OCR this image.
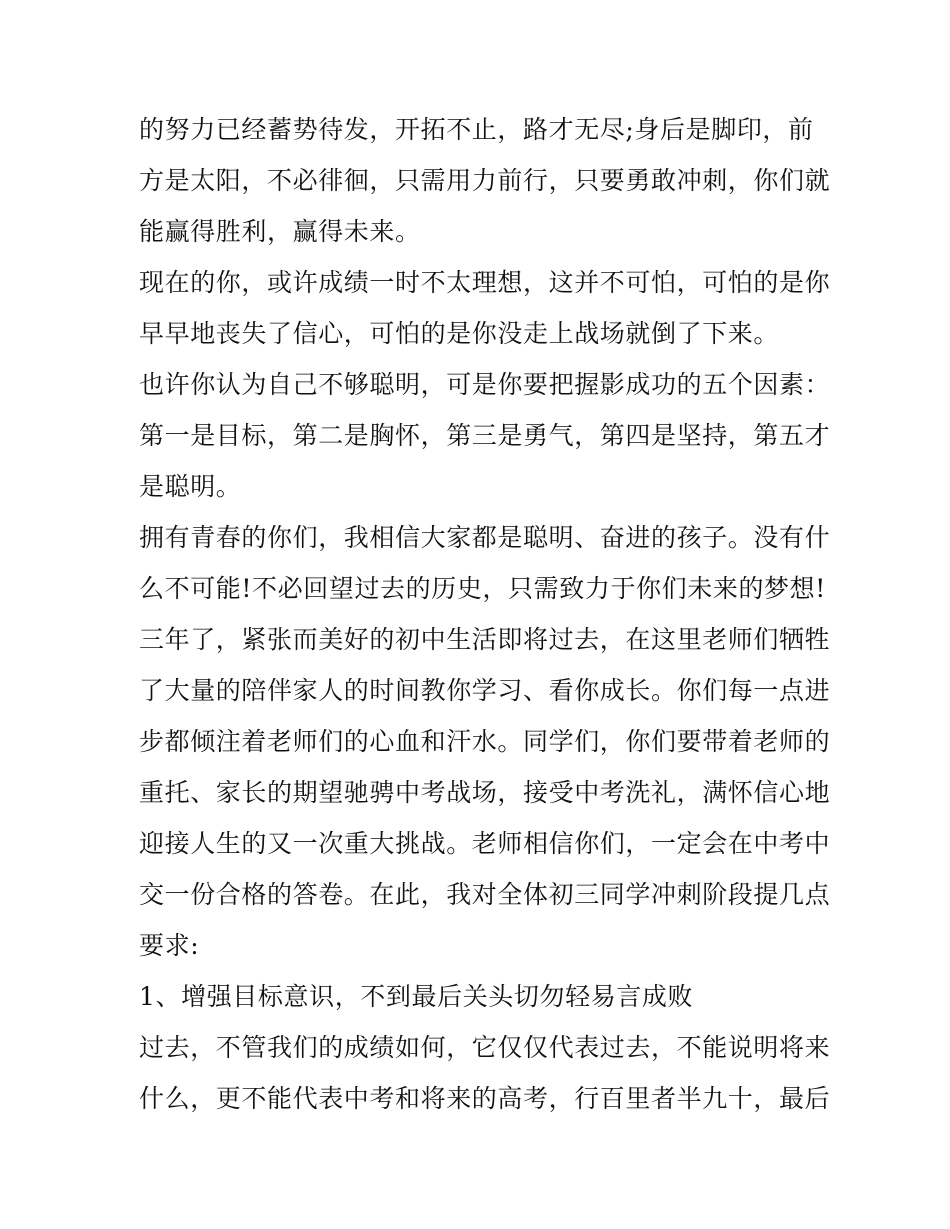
的努力已经蓄势待发，开拓不止，路才无尽;身后是脚印，前
方是太阳，不必徘徊，只需用力前行，只要勇敢冲刺，你们就
能赢得胜利，赢得未来。
现在的你，或许成绩一时不太理想，这并不可怕，可怕的是你
早早地丧失了信心，可怕的是你没走上战场就倒了下来。
也许你认为自己不够聪明，可是你要把握影成功的五个因素：
第一是目标，第二是胸怀，第三是勇气，第四是坚持，第五才
是聪明。
拥有青春的你们，我相信大家都是聪明、奋进的孩子。没有什
么不可能!不必回望过去的历史，只需致力于你们未来的梦想!
三年了，紧张而美好的初中生活即将过去，在这里老师们牺牲
了大量的陪伴家人的时间教你学习、看你成长。你们每一点进
步都倾注着老师们的心血和汗水。同学们，你们要带着老师的
重托、家长的期望驰骋中考战场，接受中考洗礼，满怀信心地
迎接人生的又一次重大挑战。老师相信你们，一定会在中考中
交一份合格的答卷。在此，我对全体初三同学冲刺阶段提几点
要求:
1、增强目标意识，不到最后关头切勿轻易言成败
过去，不管我们的成绩如何，它仅仅代表过去，不能说明将来
什么，更不能代表中考和将来的高考，行百里者半九十，最后
